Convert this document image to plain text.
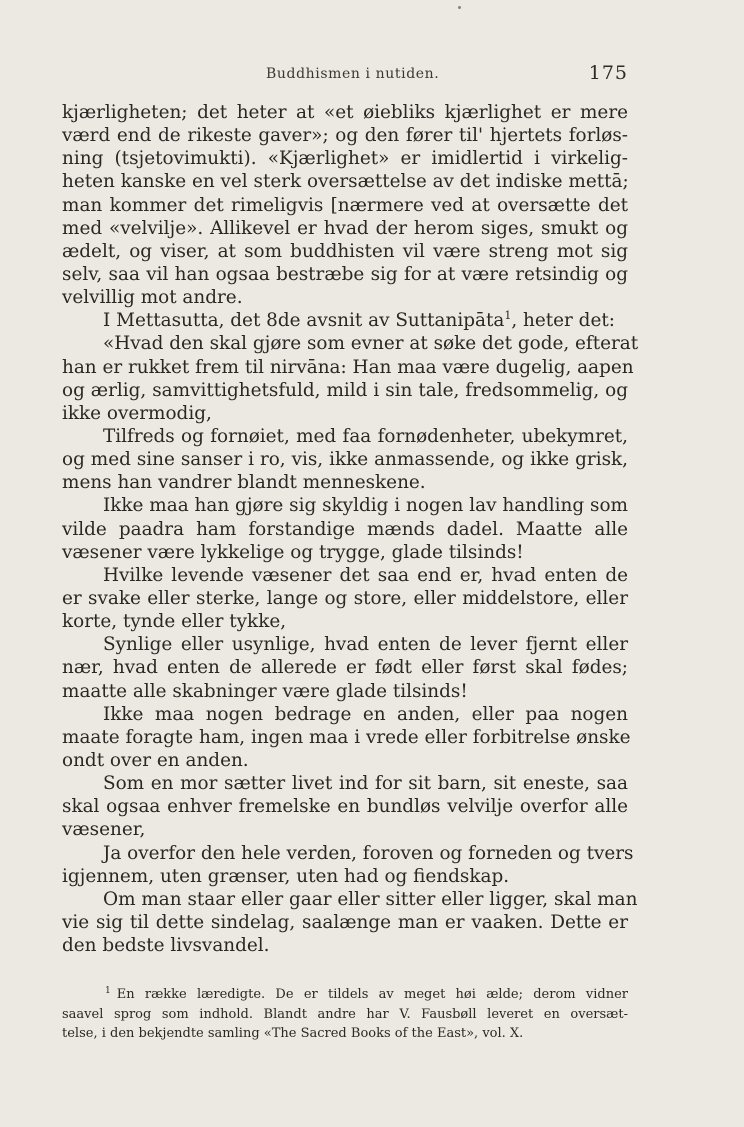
Buddhismen i nutiden.	175
kjærligheten; det heter at «et øiebliks kjærlighet er mere
værd end de rikeste gaver»; og den fører til' hjertets forløs-
ning (tsjetovimukti). «Kjærlighet» er imidlertid i virkelig-
heten kanske en vel sterk oversættelse av det indiske mettā;
man kommer det rimeligvis [nærmere ved at oversætte det
med «velvilje». Allikevel er hvad der herom siges, smukt og
ædelt, og viser, at som buddhisten vil være streng mot sig
selv, saa vil han ogsaa bestræbe sig for at være retsindig og
velvillig mot andre.
I Mettasutta, det 8de avsnit av Suttanipāta$^1$, heter det:
«Hvad den skal gjøre som evner at søke det gode, efterat
han er rukket frem til nirvāna: Han maa være dugelig, aapen
og ærlig, samvittighetsfuld, mild i sin tale, fredsommelig, og
ikke overmodig,
Tilfreds og fornøiet, med faa fornødenheter, ubekymret,
og med sine sanser i ro, vis, ikke anmassende, og ikke grisk,
mens han vandrer blandt menneskene.
Ikke maa han gjøre sig skyldig i nogen lav handling som
vilde paadra ham forstandige mænds dadel. Maatte alle
væsener være lykkelige og trygge, glade tilsinds!
Hvilke levende væsener det saa end er, hvad enten de
er svake eller sterke, lange og store, eller middelstore, eller
korte, tynde eller tykke,
Synlige eller usynlige, hvad enten de lever fjernt eller
nær, hvad enten de allerede er født eller først skal fødes;
maatte alle skabninger være glade tilsinds!
Ikke maa nogen bedrage en anden, eller paa nogen
maate foragte ham, ingen maa i vrede eller forbitrelse ønske
ondt over en anden.
Som en mor sætter livet ind for sit barn, sit eneste, saa
skal ogsaa enhver fremelske en bundløs velvilje overfor alle
væsener,
Ja overfor den hele verden, foroven og forneden og tvers
igjennem, uten grænser, uten had og fiendskap.
Om man staar eller gaar eller sitter eller ligger, skal man
vie sig til dette sindelag, saalænge man er vaaken. Dette er
den bedste livsvandel.
$^1$ En række læredigte. De er tildels av meget høi ælde; derom vidner
saavel sprog som indhold. Blandt andre har V. Fausbøll leveret en oversæt-
telse, i den bekjendte samling «The Sacred Books of the East», vol. X.
